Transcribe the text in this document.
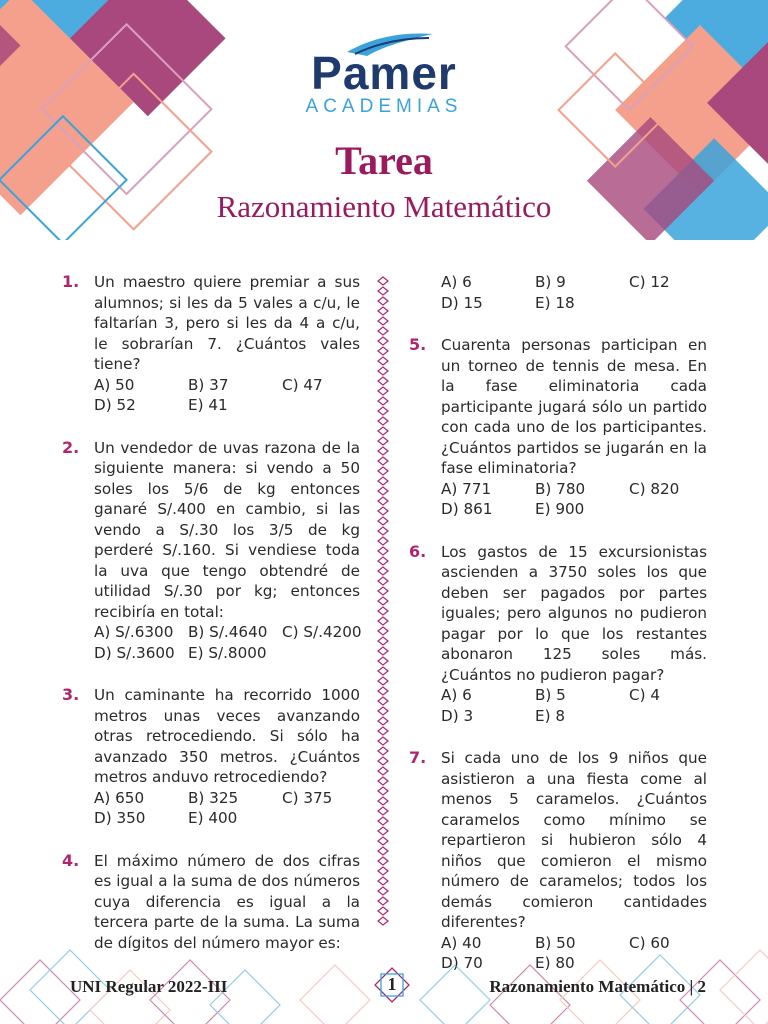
Pamer
ACADEMIAS
Tarea
Razonamiento Matemático
1. Un maestro quiere premiar a sus alumnos; si les da 5 vales a c/u, le faltarían 3, pero si les da 4 a c/u, le sobrarían 7. ¿Cuántos vales tiene?
A) 50	B) 37	C) 47
D) 52	E) 41
2. Un vendedor de uvas razona de la siguiente manera: si vendo a 50 soles los 5/6 de kg entonces ganaré S/.400 en cambio, si las vendo a S/.30 los 3/5 de kg perderé S/.160. Si vendiese toda la uva que tengo obtendré de utilidad S/.30 por kg; entonces recibiría en total:
A) S/.6300 B) S/.4640 C) S/.4200
D) S/.3600 E) S/.8000
3. Un caminante ha recorrido 1000 metros unas veces avanzando otras retrocediendo. Si sólo ha avanzado 350 metros. ¿Cuántos metros anduvo retrocediendo?
A) 650	B) 325	C) 375
D) 350	E) 400
4. El máximo número de dos cifras es igual a la suma de dos números cuya diferencia es igual a la tercera parte de la suma. La suma de dígitos del número mayor es:
A) 6	B) 9	C) 12
D) 15	E) 18
5. Cuarenta personas participan en un torneo de tennis de mesa. En la fase eliminatoria cada participante jugará sólo un partido con cada uno de los participantes. ¿Cuántos partidos se jugarán en la fase eliminatoria?
A) 771	B) 780	C) 820
D) 861	E) 900
6. Los gastos de 15 excursionistas ascienden a 3750 soles los que deben ser pagados por partes iguales; pero algunos no pudieron pagar por lo que los restantes abonaron 125 soles más. ¿Cuántos no pudieron pagar?
A) 6	B) 5	C) 4
D) 3	E) 8
7. Si cada uno de los 9 niños que asistieron a una fiesta come al menos 5 caramelos. ¿Cuántos caramelos como mínimo se repartieron si hubieron sólo 4 niños que comieron el mismo número de caramelos; todos los demás comieron cantidades diferentes?
A) 40	B) 50	C) 60
D) 70	E) 80
UNI Regular 2022-III	1	Razonamiento Matemático | 2
